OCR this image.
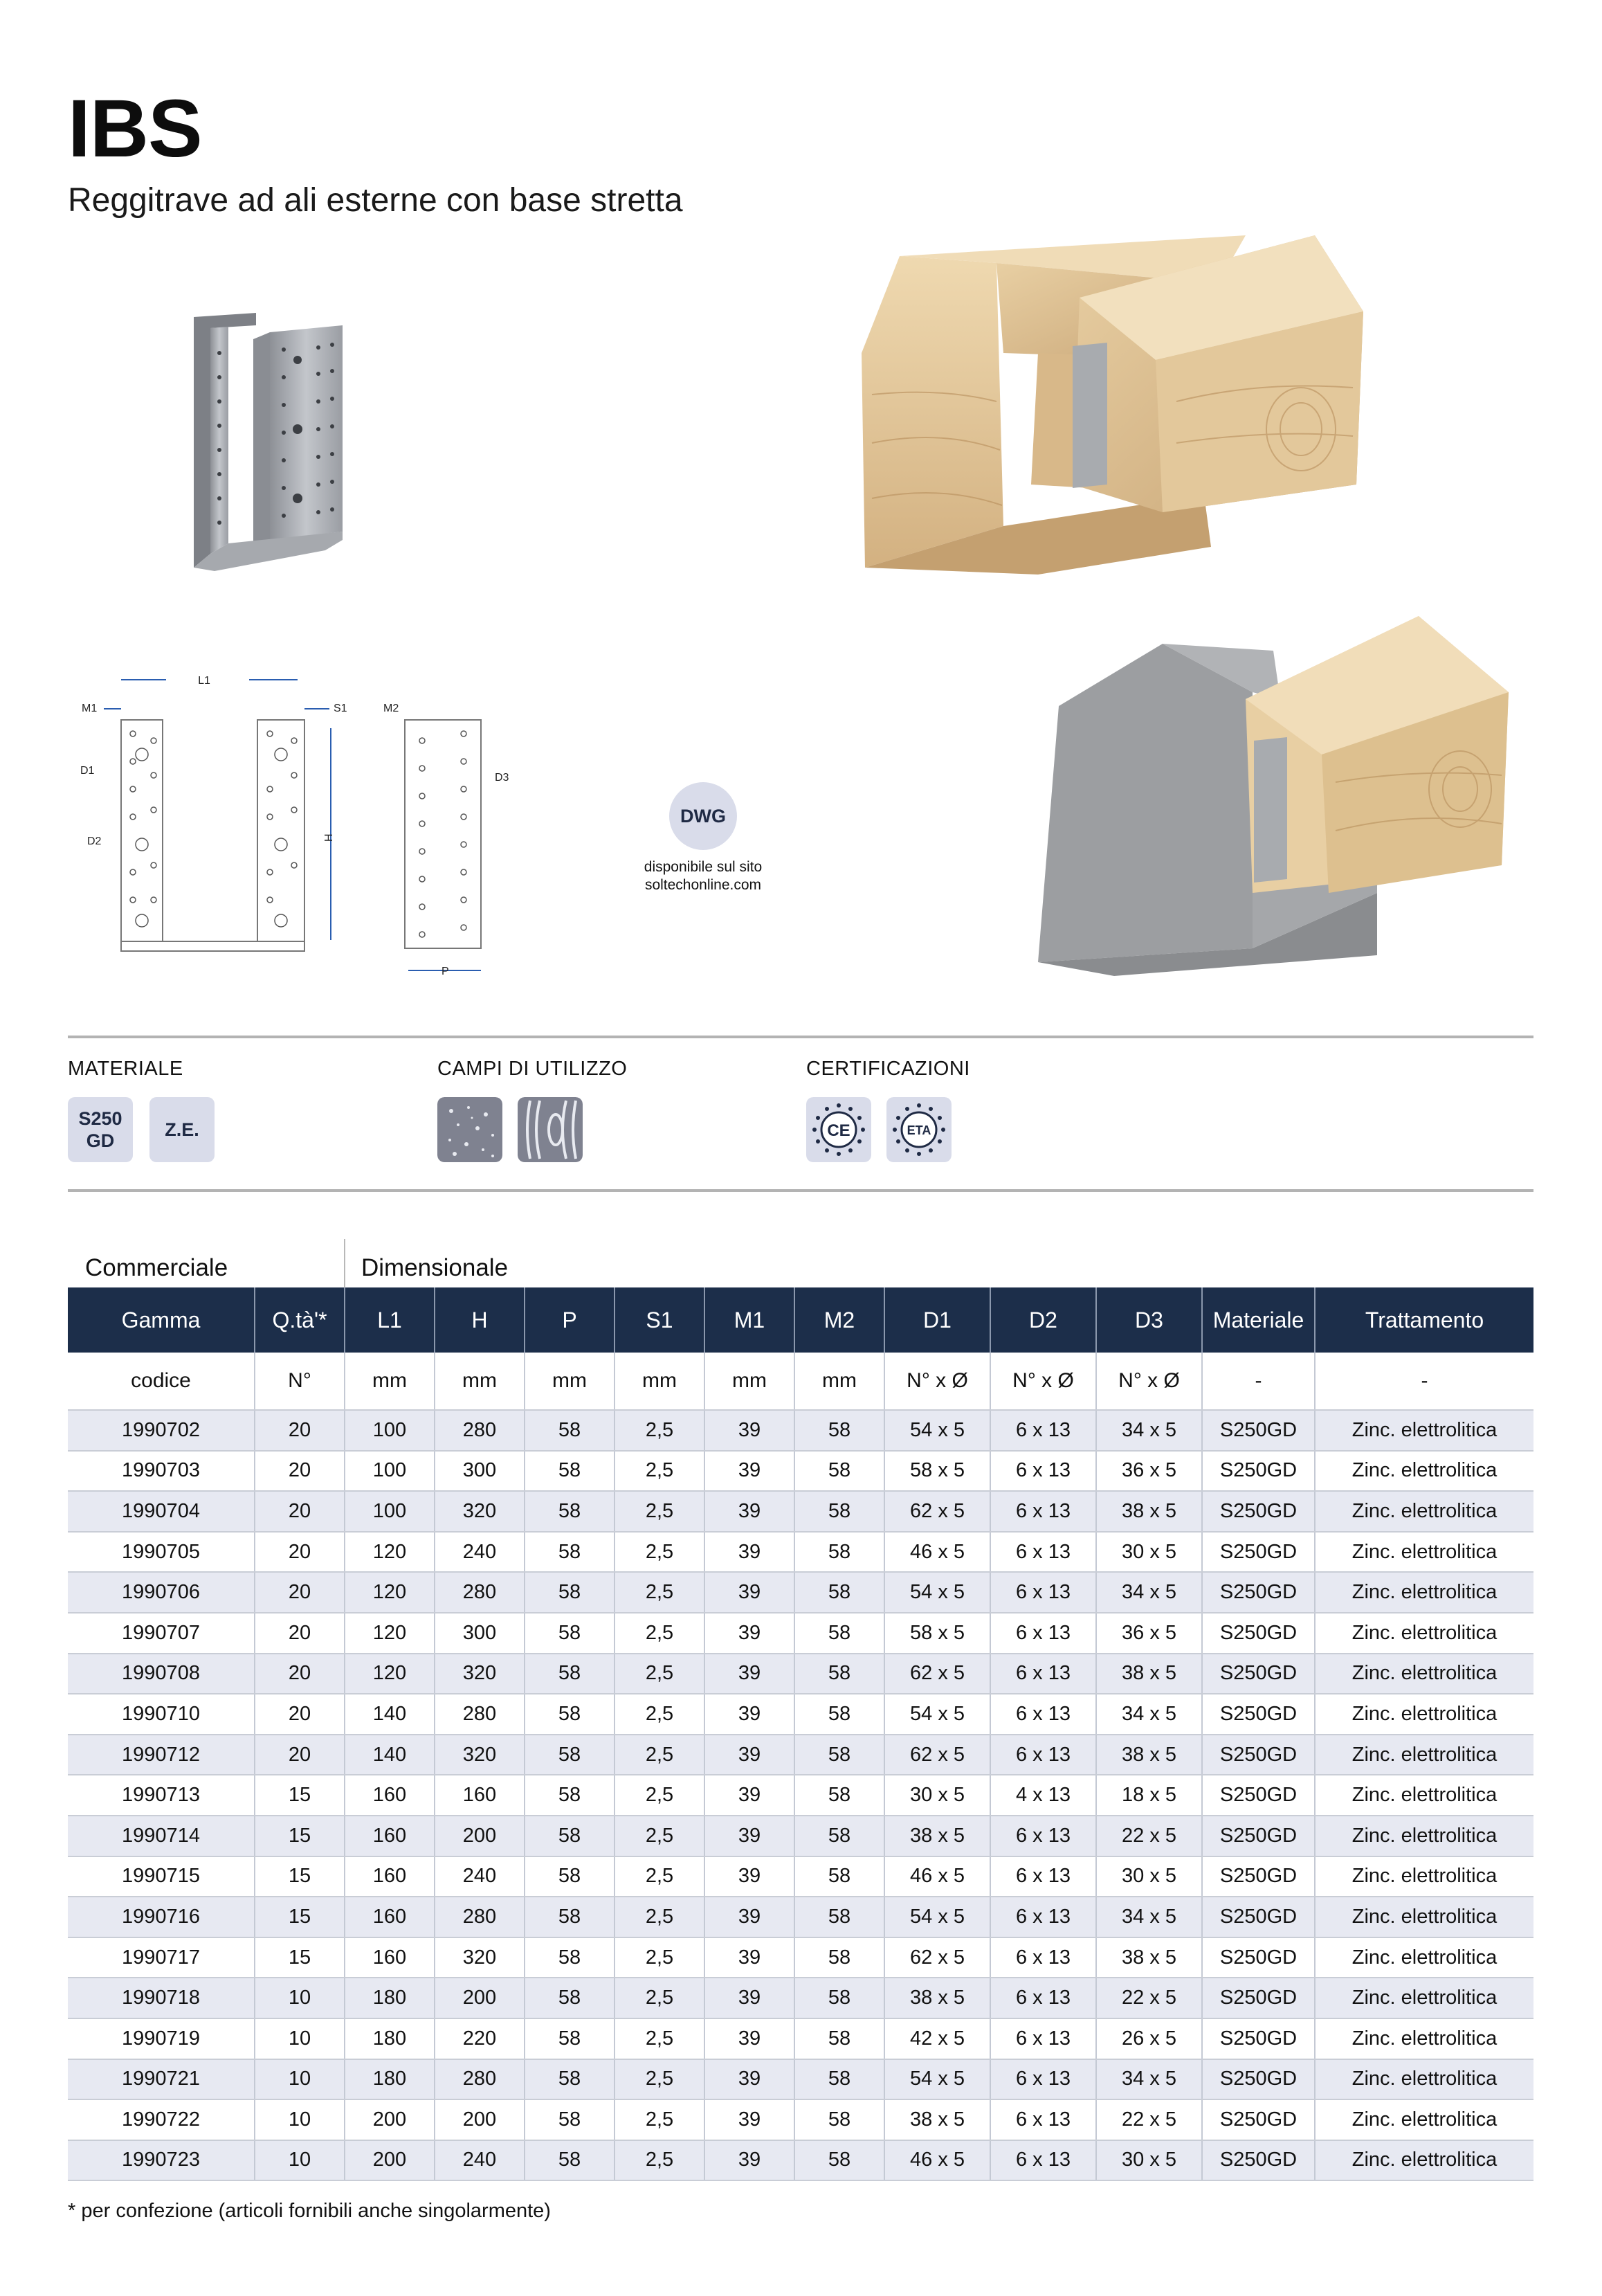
IBS
Reggitrave ad ali esterne con base stretta
L1
M1	S1
D1
D2	H
M2
D3
P
DWG
disponibile sul sito
soltechonline.com
MATERIALE
S250 GD
Z.E.
CAMPI DI UTILIZZO	CERTIFICAZIONI
CE	ETA
Commerciale	Dimensionale
Gamma	Q.tà'*	L1	H	P	S1	M1	M2	D1	D2	D3	Materiale	Trattamento
codice	N°	mm	mm	mm	mm	mm	mm	N° x Ø	N° x Ø	N° x Ø	-	-
1990702	20	100	280	58	2,5	39	58	54 x 5	6 x 13	34 x 5	S250GD	Zinc. elettrolitica
1990703	20	100	300	58	2,5	39	58	58 x 5	6 x 13	36 x 5	S250GD	Zinc. elettrolitica
1990704	20	100	320	58	2,5	39	58	62 x 5	6 x 13	38 x 5	S250GD	Zinc. elettrolitica
1990705	20	120	240	58	2,5	39	58	46 x 5	6 x 13	30 x 5	S250GD	Zinc. elettrolitica
1990706	20	120	280	58	2,5	39	58	54 x 5	6 x 13	34 x 5	S250GD	Zinc. elettrolitica
1990707	20	120	300	58	2,5	39	58	58 x 5	6 x 13	36 x 5	S250GD	Zinc. elettrolitica
1990708	20	120	320	58	2,5	39	58	62 x 5	6 x 13	38 x 5	S250GD	Zinc. elettrolitica
1990710	20	140	280	58	2,5	39	58	54 x 5	6 x 13	34 x 5	S250GD	Zinc. elettrolitica
1990712	20	140	320	58	2,5	39	58	62 x 5	6 x 13	38 x 5	S250GD	Zinc. elettrolitica
1990713	15	160	160	58	2,5	39	58	30 x 5	4 x 13	18 x 5	S250GD	Zinc. elettrolitica
1990714	15	160	200	58	2,5	39	58	38 x 5	6 x 13	22 x 5	S250GD	Zinc. elettrolitica
1990715	15	160	240	58	2,5	39	58	46 x 5	6 x 13	30 x 5	S250GD	Zinc. elettrolitica
1990716	15	160	280	58	2,5	39	58	54 x 5	6 x 13	34 x 5	S250GD	Zinc. elettrolitica
1990717	15	160	320	58	2,5	39	58	62 x 5	6 x 13	38 x 5	S250GD	Zinc. elettrolitica
1990718	10	180	200	58	2,5	39	58	38 x 5	6 x 13	22 x 5	S250GD	Zinc. elettrolitica
1990719	10	180	220	58	2,5	39	58	42 x 5	6 x 13	26 x 5	S250GD	Zinc. elettrolitica
1990721	10	180	280	58	2,5	39	58	54 x 5	6 x 13	34 x 5	S250GD	Zinc. elettrolitica
1990722	10	200	200	58	2,5	39	58	38 x 5	6 x 13	22 x 5	S250GD	Zinc. elettrolitica
1990723	10	200	240	58	2,5	39	58	46 x 5	6 x 13	30 x 5	S250GD	Zinc. elettrolitica
* per confezione (articoli fornibili anche singolarmente)
